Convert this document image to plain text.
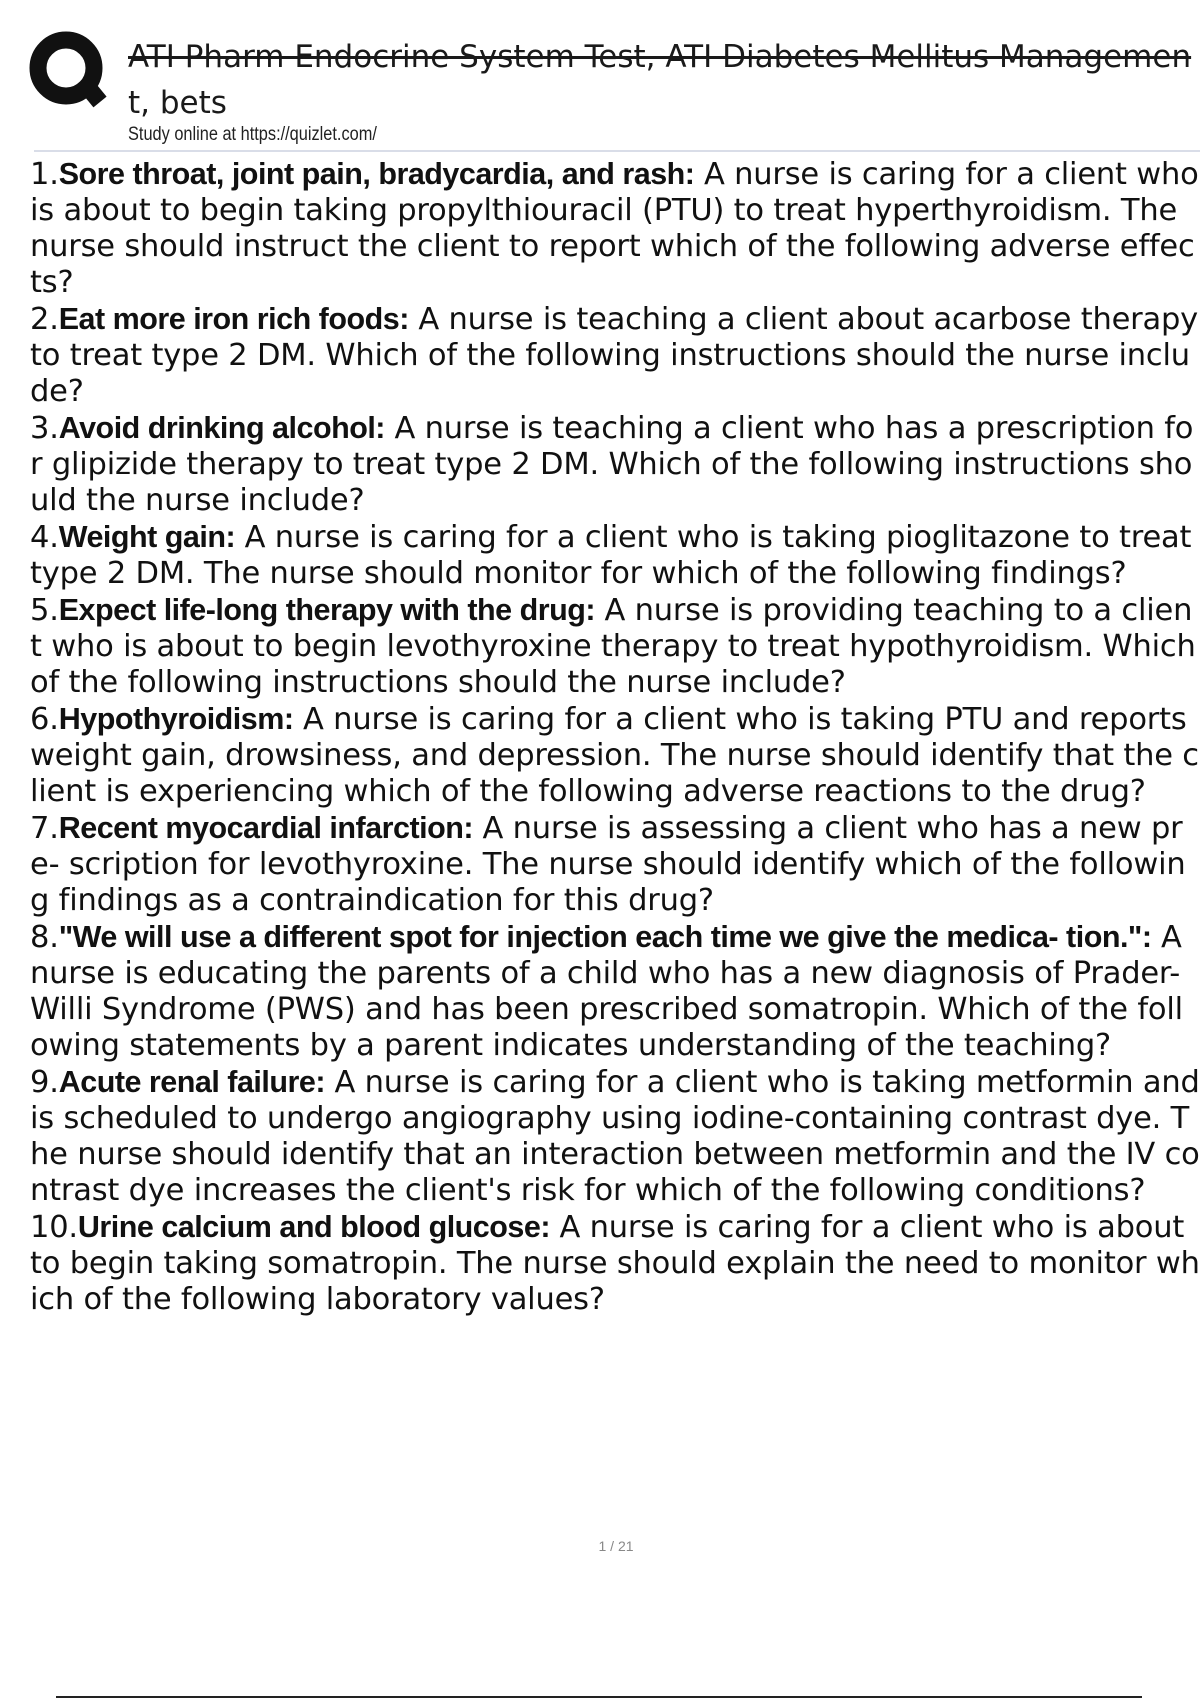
ATI Pharm Endocrine System Test, ATI Diabetes Mellitus Management, bets
Study online at https://quizlet.com/

1.Sore throat, joint pain, bradycardia, and rash: A nurse is caring for a client who is about to begin taking propylthiouracil (PTU) to treat hyperthyroidism. The nurse should instruct the client to report which of the following adverse effects?

2.Eat more iron rich foods: A nurse is teaching a client about acarbose therapy to treat type 2 DM. Which of the following instructions should the nurse include?

3.Avoid drinking alcohol: A nurse is teaching a client who has a prescription for glipizide therapy to treat type 2 DM. Which of the following instructions should the nurse include?

4.Weight gain: A nurse is caring for a client who is taking pioglitazone to treat type 2 DM. The nurse should monitor for which of the following findings?

5.Expect life-long therapy with the drug: A nurse is providing teaching to a client who is about to begin levothyroxine therapy to treat hypothyroidism. Which of the following instructions should the nurse include?

6.Hypothyroidism: A nurse is caring for a client who is taking PTU and reports weight gain, drowsiness, and depression. The nurse should identify that the client is experiencing which of the following adverse reactions to the drug?

7.Recent myocardial infarction: A nurse is assessing a client who has a new pre- scription for levothyroxine. The nurse should identify which of the following findings as a contraindication for this drug?

8."We will use a different spot for injection each time we give the medica- tion.": A nurse is educating the parents of a child who has a new diagnosis of Prader-Willi Syndrome (PWS) and has been prescribed somatropin. Which of the following statements by a parent indicates understanding of the teaching?

9.Acute renal failure: A nurse is caring for a client who is taking metformin and is scheduled to undergo angiography using iodine-containing contrast dye. The nurse should identify that an interaction between metformin and the IV contrast dye increases the client's risk for which of the following conditions?

10.Urine calcium and blood glucose: A nurse is caring for a client who is about to begin taking somatropin. The nurse should explain the need to monitor which of the following laboratory values?

1 / 21
